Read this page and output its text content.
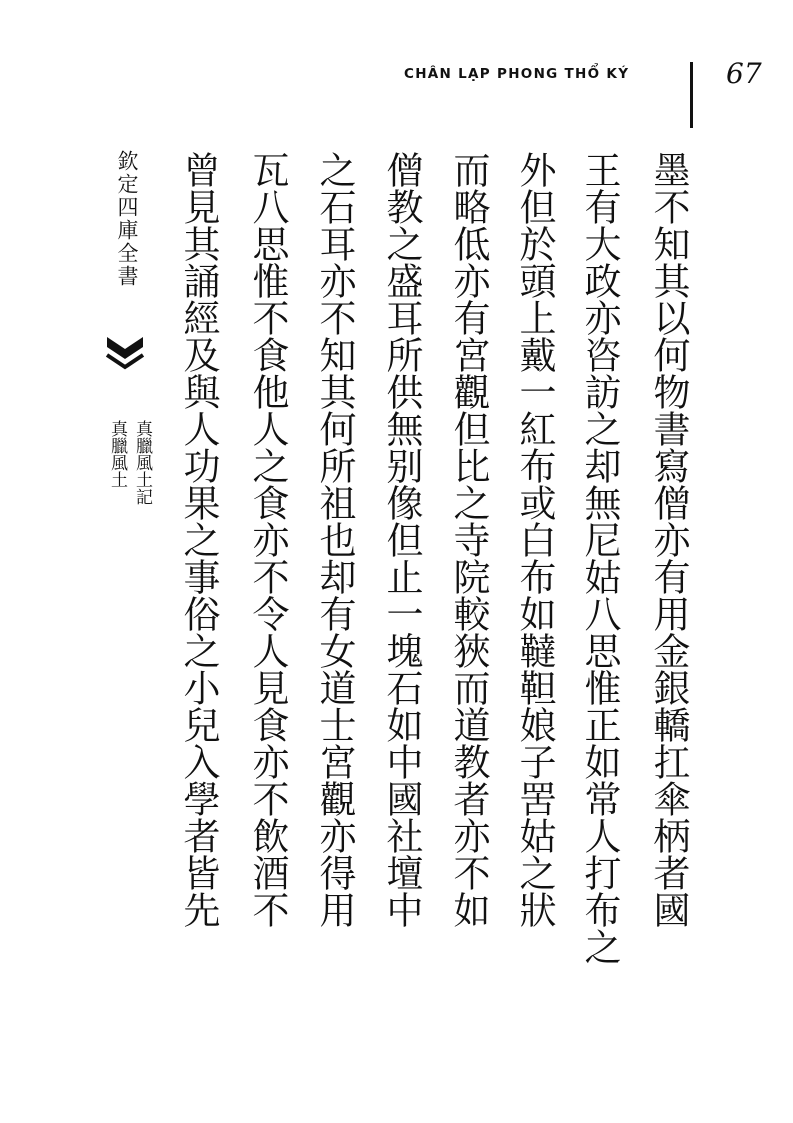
CHÂN LẠP PHONG THỔ KÝ	67
墨不知其以何物書寫僧亦有用金銀轎扛傘柄者國
王有大政亦咨訪之却無尼姑八思惟正如常人打布之
外但於頭上戴一紅布或白布如韃靼娘子罟姑之狀
而略低亦有宮觀但比之寺院較狹而道教者亦不如
僧教之盛耳所供無别像但止一塊石如中國社壇中
之石耳亦不知其何所祖也却有女道士宮觀亦得用
瓦八思惟不食他人之食亦不令人見食亦不飲酒不
曾見其誦經及與人功果之事俗之小兒入學者皆先
欽定四庫全書
真臘風土記
真臘風土
